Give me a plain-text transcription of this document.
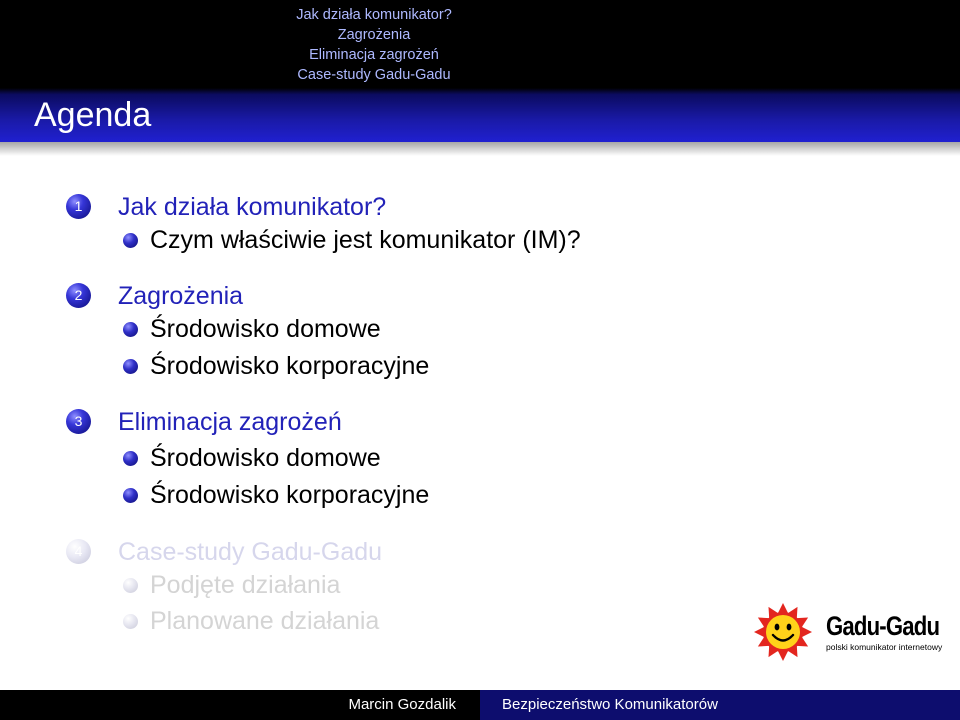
Jak działa komunikator?
Zagrożenia
Eliminacja zagrożeń
Case-study Gadu-Gadu
Agenda
1	Jak działa komunikator?
Czym właściwie jest komunikator (IM)?
2	Zagrożenia
Środowisko domowe
Środowisko korporacyjne
3	Eliminacja zagrożeń
Środowisko domowe
Środowisko korporacyjne
4	Case-study Gadu-Gadu
Podjęte działania
Planowane działania	Gadu-Gadu
polski komunikator internetowy
Marcin Gozdalik	Bezpieczeństwo Komunikatorów
